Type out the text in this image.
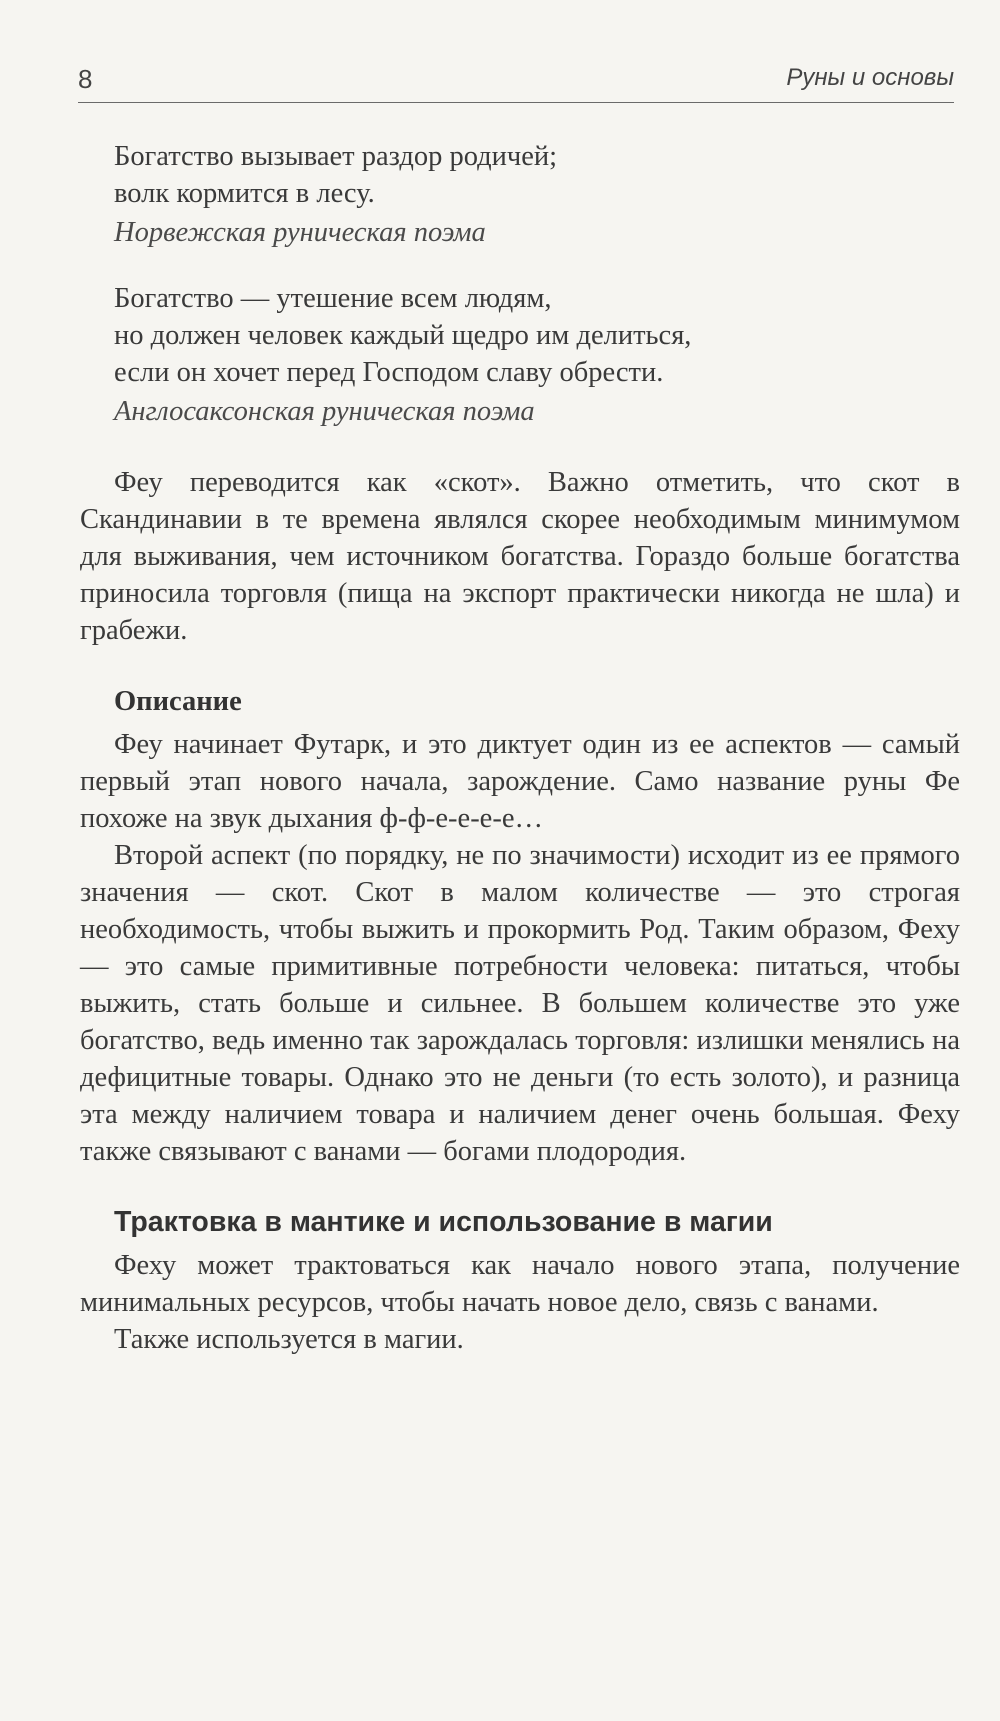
8	Руны и основы
Богатство вызывает раздор родичей;
волк кормится в лесу.
Норвежская руническая поэма
Богатство — утешение всем людям,
но должен человек каждый щедро им делиться,
если он хочет перед Господом славу обрести.
Англосаксонская руническая поэма

Феу переводится как «скот». Важно отметить, что скот в Скандинавии в те времена являлся скорее необходимым минимумом для выживания, чем источником богатства. Гораздо больше богатства приносила торговля (пища на экспорт практически никогда не шла) и грабежи.

Описание

Феу начинает Футарк, и это диктует один из ее аспектов — самый первый этап нового начала, зарождение. Само название руны Фе похоже на звук дыхания ф-ф-е-е-е-е…

Второй аспект (по порядку, не по значимости) исходит из ее прямого значения — скот. Скот в малом количестве — это строгая необходимость, чтобы выжить и прокормить Род. Таким образом, Феху — это самые примитивные потребности человека: питаться, чтобы выжить, стать больше и сильнее. В большем количестве это уже богатство, ведь именно так зарождалась торговля: излишки менялись на дефицитные товары. Однако это не деньги (то есть золото), и разница эта между наличием товара и наличием денег очень большая. Феху также связывают с ванами — богами плодородия.

Трактовка в мантике и использование в магии

Феху может трактоваться как начало нового этапа, получение минимальных ресурсов, чтобы начать новое дело, связь с ванами.

Также используется в магии.
